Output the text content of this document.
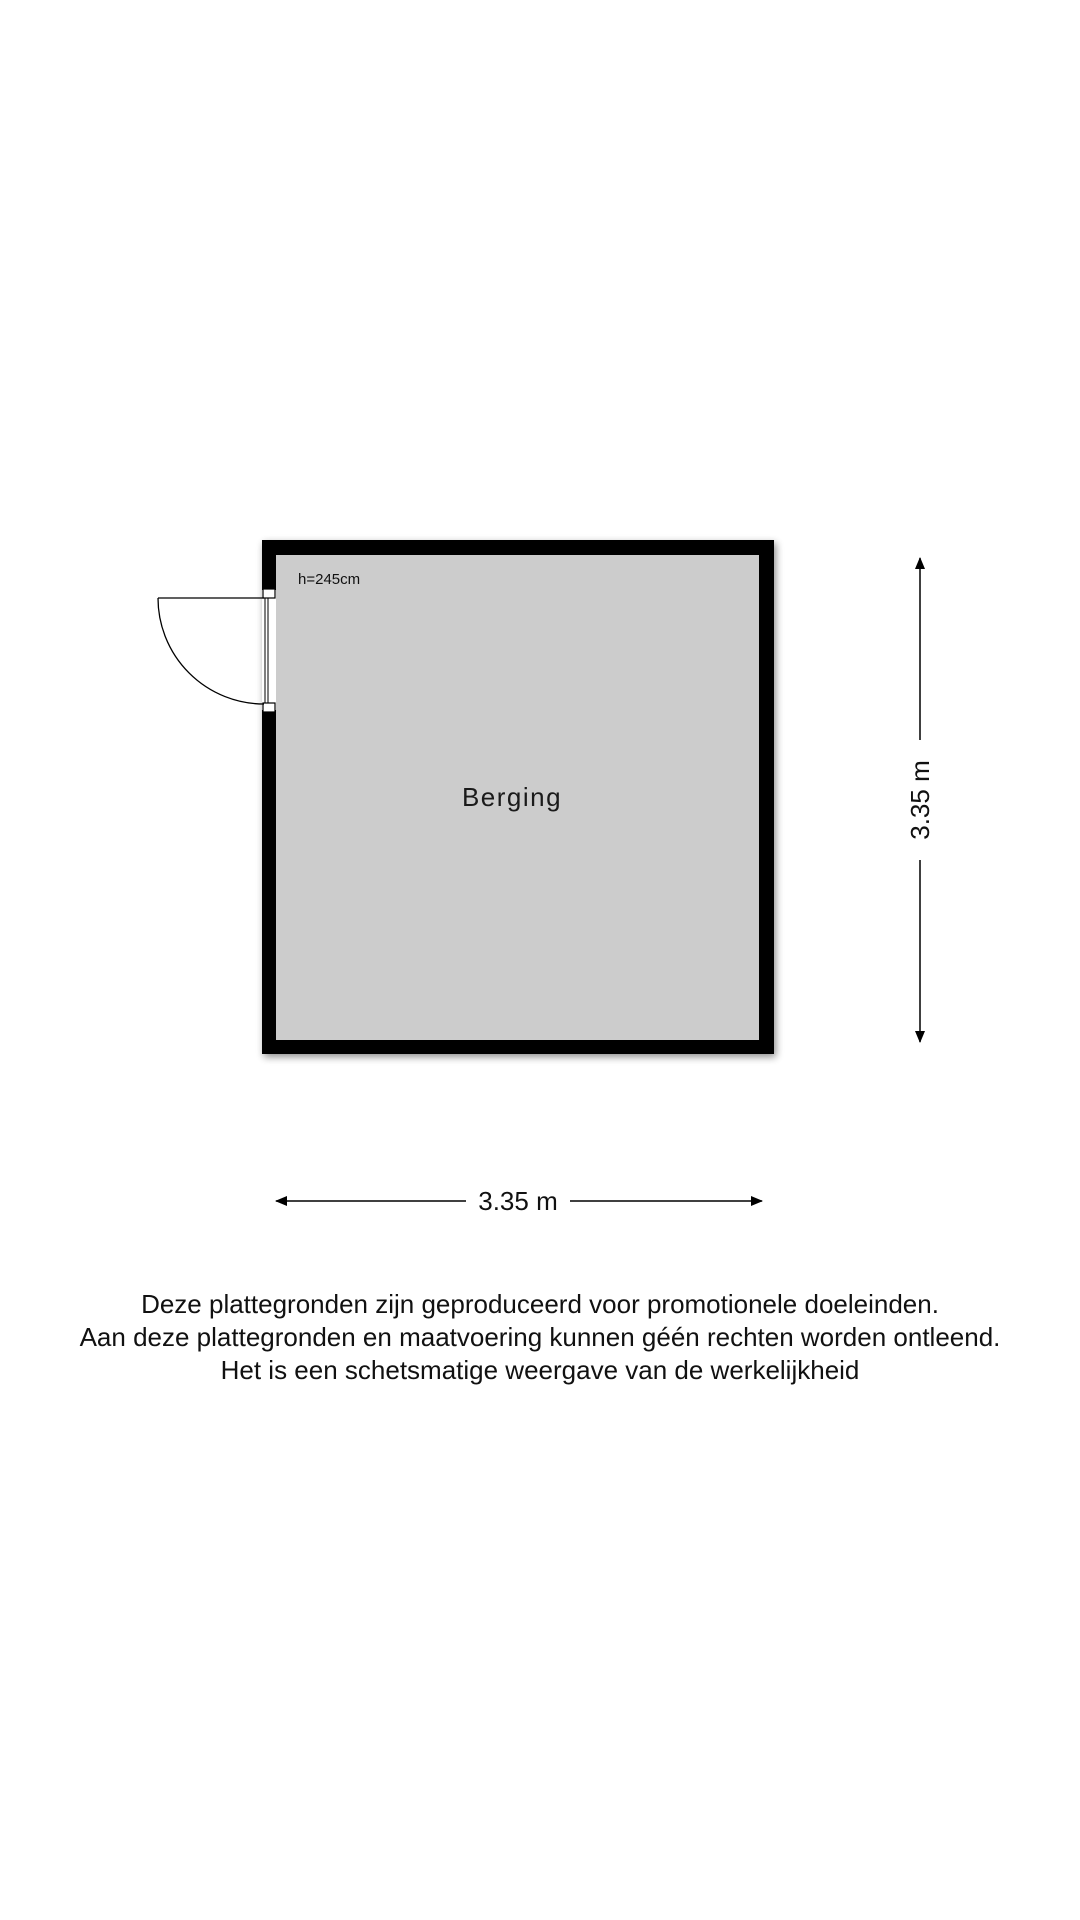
Berging
h=245cm
3.35 m
3.35 m
Deze plattegronden zijn geproduceerd voor promotionele doeleinden.
Aan deze plattegronden en maatvoering kunnen géén rechten worden ontleend.
Het is een schetsmatige weergave van de werkelijkheid
